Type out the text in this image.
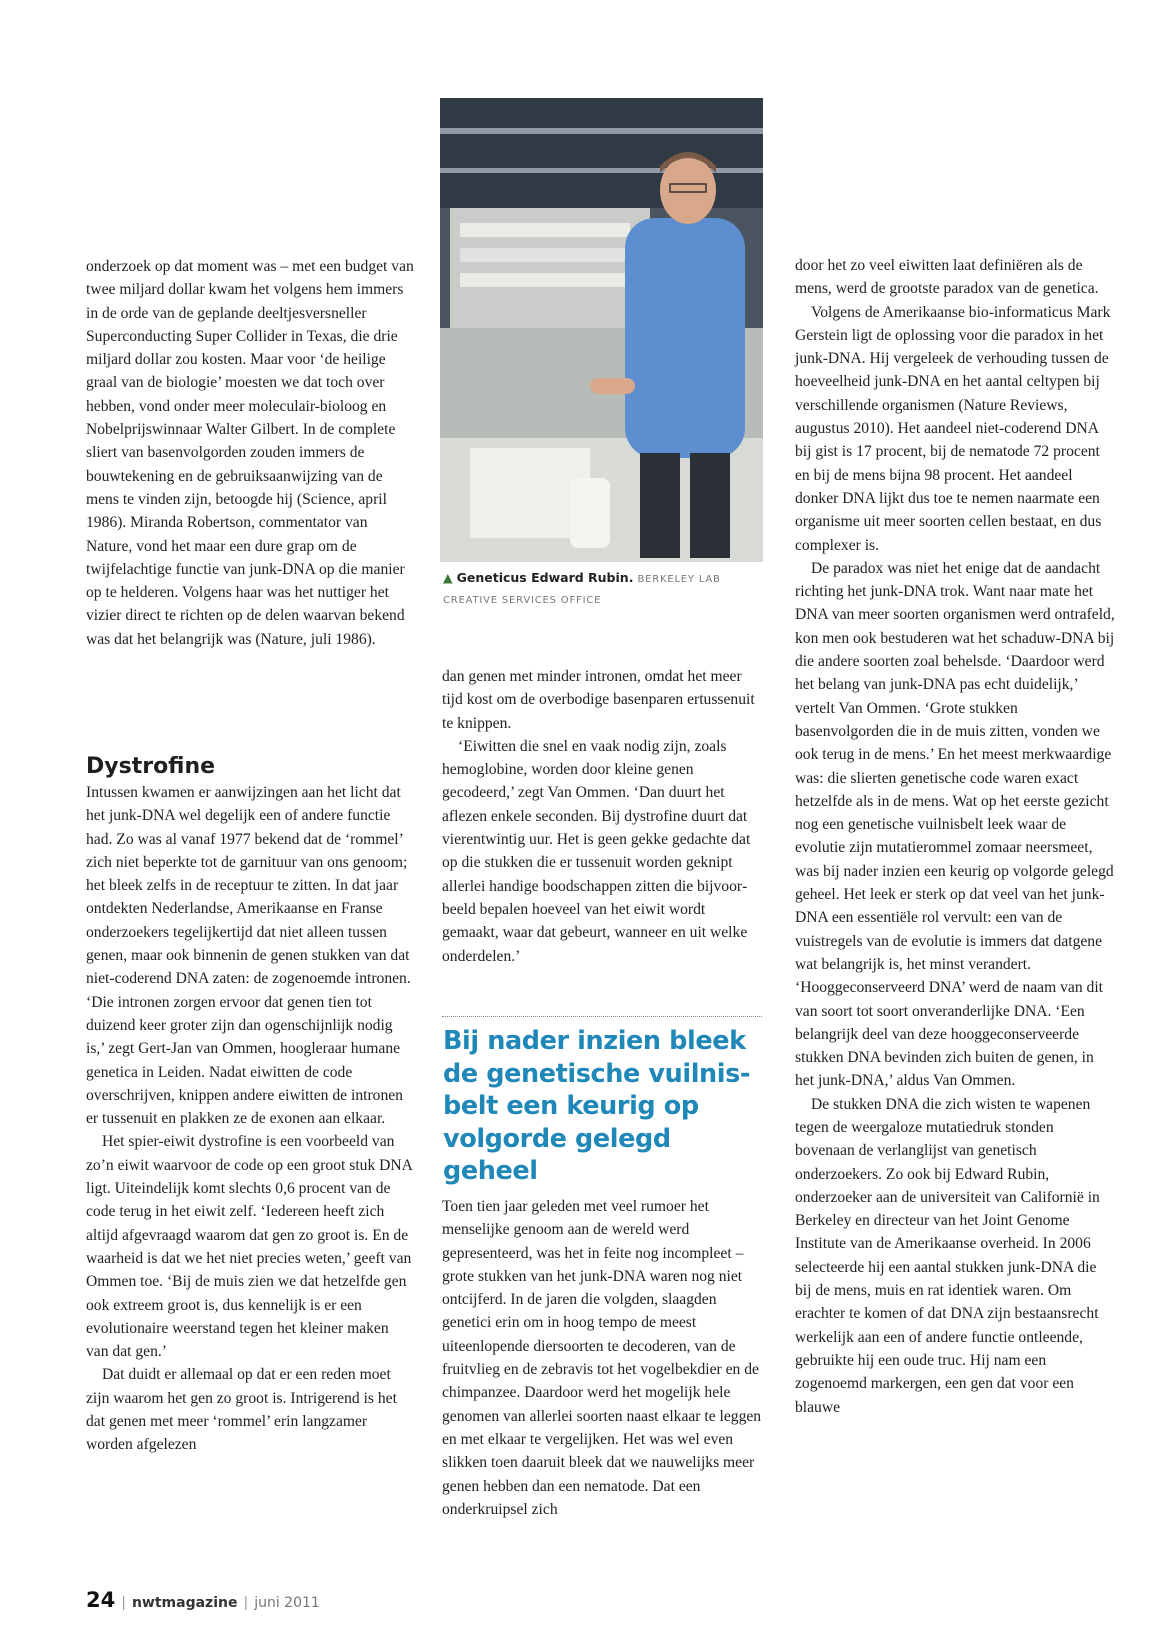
onderzoek op dat moment was – met een budget van twee miljard dollar kwam het volgens hem immers in de orde van de geplande deeltjesversneller Superconducting Super Collider in Texas, die drie miljard dollar zou kosten. Maar voor ‘de heilige graal van de biologie’ moesten we dat toch over hebben, vond onder meer moleculair-bioloog en Nobelprijswinnaar Walter Gilbert. In de complete sliert van basenvolgorden zouden immers de bouwtekening en de gebruiksaanwijzing van de mens te vinden zijn, betoogde hij (Science, april 1986). Miranda Robertson, commentator van Nature, vond het maar een dure grap om de twijfelachtige functie van junk-DNA op die manier op te helderen. Volgens haar was het nuttiger het vizier direct te richten op de delen waarvan bekend was dat het belangrijk was (Nature, juli 1986).

Dystrofine

Intussen kwamen er aanwijzingen aan het licht dat het junk-DNA wel degelijk een of andere functie had. Zo was al vanaf 1977 bekend dat de ‘rommel’ zich niet beperkte tot de garnituur van ons genoom; het bleek zelfs in de receptuur te zitten. In dat jaar ontdekten Nederlandse, Amerikaanse en Franse onderzoekers tegelijkertijd dat niet alleen tussen genen, maar ook binnenin de genen stukken van dat niet-coderend DNA zaten: de zogenoemde intronen. ‘Die intronen zorgen ervoor dat genen tien tot duizend keer groter zijn dan ogenschijnlijk nodig is,’ zegt Gert-Jan van Ommen, hoogleraar humane genetica in Leiden. Nadat eiwitten de code overschrijven, knippen andere eiwitten de intronen er tussenuit en plakken ze de exonen aan elkaar.

Het spier-eiwit dystrofine is een voorbeeld van zo’n eiwit waarvoor de code op een groot stuk DNA ligt. Uiteindelijk komt slechts 0,6 procent van de code terug in het eiwit zelf. ‘Iedereen heeft zich altijd afgevraagd waarom dat gen zo groot is. En de waarheid is dat we het niet precies weten,’ geeft van Ommen toe. ‘Bij de muis zien we dat hetzelfde gen ook extreem groot is, dus kennelijk is er een evolutionaire weerstand tegen het kleiner maken van dat gen.’

Dat duidt er allemaal op dat er een reden moet zijn waarom het gen zo groot is. Intrigerend is het dat genen met meer ‘rommel’ erin langzamer worden afgelezen

▲ Geneticus Edward Rubin. BERKELEY LAB CREATIVE SERVICES OFFICE

dan genen met minder intronen, omdat het meer tijd kost om de overbodige basenparen ertussenuit te knippen.

‘Eiwitten die snel en vaak nodig zijn, zoals hemoglobine, worden door kleine genen gecodeerd,’ zegt Van Ommen. ‘Dan duurt het aflezen enkele seconden. Bij dystrofine duurt dat vierentwintig uur. Het is geen gekke gedachte dat op die stukken die er tussenuit worden geknipt allerlei handige boodschappen zitten die bijvoorbeeld bepalen hoeveel van het eiwit wordt gemaakt, waar dat gebeurt, wanneer en uit welke onderdelen.’

Bij nader inzien bleek de genetische vuilnisbelt een keurig op volgorde gelegd geheel

Toen tien jaar geleden met veel rumoer het menselijke genoom aan de wereld werd gepresenteerd, was het in feite nog incompleet – grote stukken van het junk-DNA waren nog niet ontcijferd. In de jaren die volgden, slaagden genetici erin om in hoog tempo de meest uiteenlopende diersoorten te decoderen, van de fruitvlieg en de zebravis tot het vogelbekdier en de chimpanzee. Daardoor werd het mogelijk hele genomen van allerlei soorten naast elkaar te leggen en met elkaar te vergelijken. Het was wel even slikken toen daaruit bleek dat we nauwelijks meer genen hebben dan een nematode. Dat een onderkruipsel zich

door het zo veel eiwitten laat definiëren als de mens, werd de grootste paradox van de genetica.

Volgens de Amerikaanse bio-informaticus Mark Gerstein ligt de oplossing voor die paradox in het junk-DNA. Hij vergeleek de verhouding tussen de hoeveelheid junk-DNA en het aantal celtypen bij verschillende organismen (Nature Reviews, augustus 2010). Het aandeel niet-coderend DNA bij gist is 17 procent, bij de nematode 72 procent en bij de mens bijna 98 procent. Het aandeel donker DNA lijkt dus toe te nemen naarmate een organisme uit meer soorten cellen bestaat, en dus complexer is.

De paradox was niet het enige dat de aandacht richting het junk-DNA trok. Want naar mate het DNA van meer soorten organismen werd ontrafeld, kon men ook bestuderen wat het schaduw-DNA bij die andere soorten zoal behelsde. ‘Daardoor werd het belang van junk-DNA pas echt duidelijk,’ vertelt Van Ommen. ‘Grote stukken basenvolgorden die in de muis zitten, vonden we ook terug in de mens.’ En het meest merkwaardige was: die slierten genetische code waren exact hetzelfde als in de mens. Wat op het eerste gezicht nog een genetische vuilnisbelt leek waar de evolutie zijn mutatierommel zomaar neersmeet, was bij nader inzien een keurig op volgorde gelegd geheel. Het leek er sterk op dat veel van het junk-DNA een essentiële rol vervult: een van de vuistregels van de evolutie is immers dat datgene wat belangrijk is, het minst verandert. ‘Hooggeconserveerd DNA’ werd de naam van dit van soort tot soort onveranderlijke DNA. ‘Een belangrijk deel van deze hooggeconserveerde stukken DNA bevinden zich buiten de genen, in het junk-DNA,’ aldus Van Ommen.

De stukken DNA die zich wisten te wapenen tegen de weergaloze mutatiedruk stonden bovenaan de verlanglijst van genetisch onderzoekers. Zo ook bij Edward Rubin, onderzoeker aan de universiteit van Californië in Berkeley en directeur van het Joint Genome Institute van de Amerikaanse overheid. In 2006 selecteerde hij een aantal stukken junk-DNA die bij de mens, muis en rat identiek waren. Om erachter te komen of dat DNA zijn bestaansrecht werkelijk aan een of andere functie ontleende, gebruikte hij een oude truc. Hij nam een zogenoemd markergen, een gen dat voor een blauwe

24 | nwtmagazine | juni 2011
